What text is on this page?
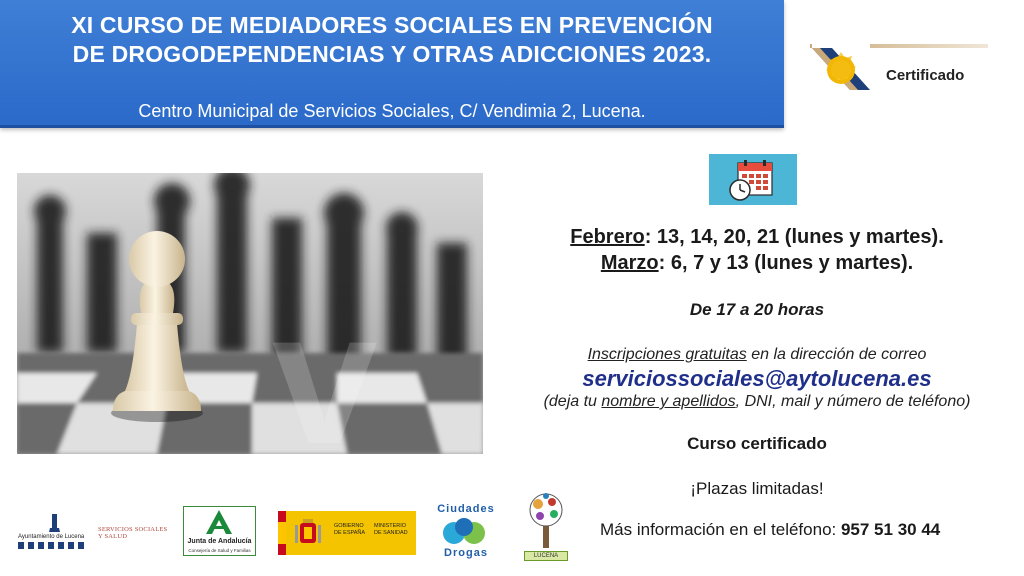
XI CURSO DE MEDIADORES SOCIALES EN PREVENCIÓN
DE DROGODEPENDENCIAS Y OTRAS ADICCIONES 2023.
Centro Municipal de Servicios Sociales, C/ Vendimia 2, Lucena.
Certificado
v
Febrero: 13, 14, 20, 21 (lunes y martes).
Marzo: 6, 7 y 13 (lunes y martes).
De 17 a 20 horas
Inscripciones gratuitas en la dirección de correo
serviciossociales@aytolucena.es
(deja tu nombre y apellidos, DNI, mail y número de teléfono)
Curso certificado
¡Plazas limitadas!
Más información en el teléfono: 957 51 30 44
Ayuntamiento de Lucena
SERVICIOS SOCIALES
Y SALUD
Junta de Andalucía
Consejería de Salud y Familias
GOBIERNO
DE ESPAÑA
MINISTERIO
DE SANIDAD
Ciudades
Drogas	LUCENA
